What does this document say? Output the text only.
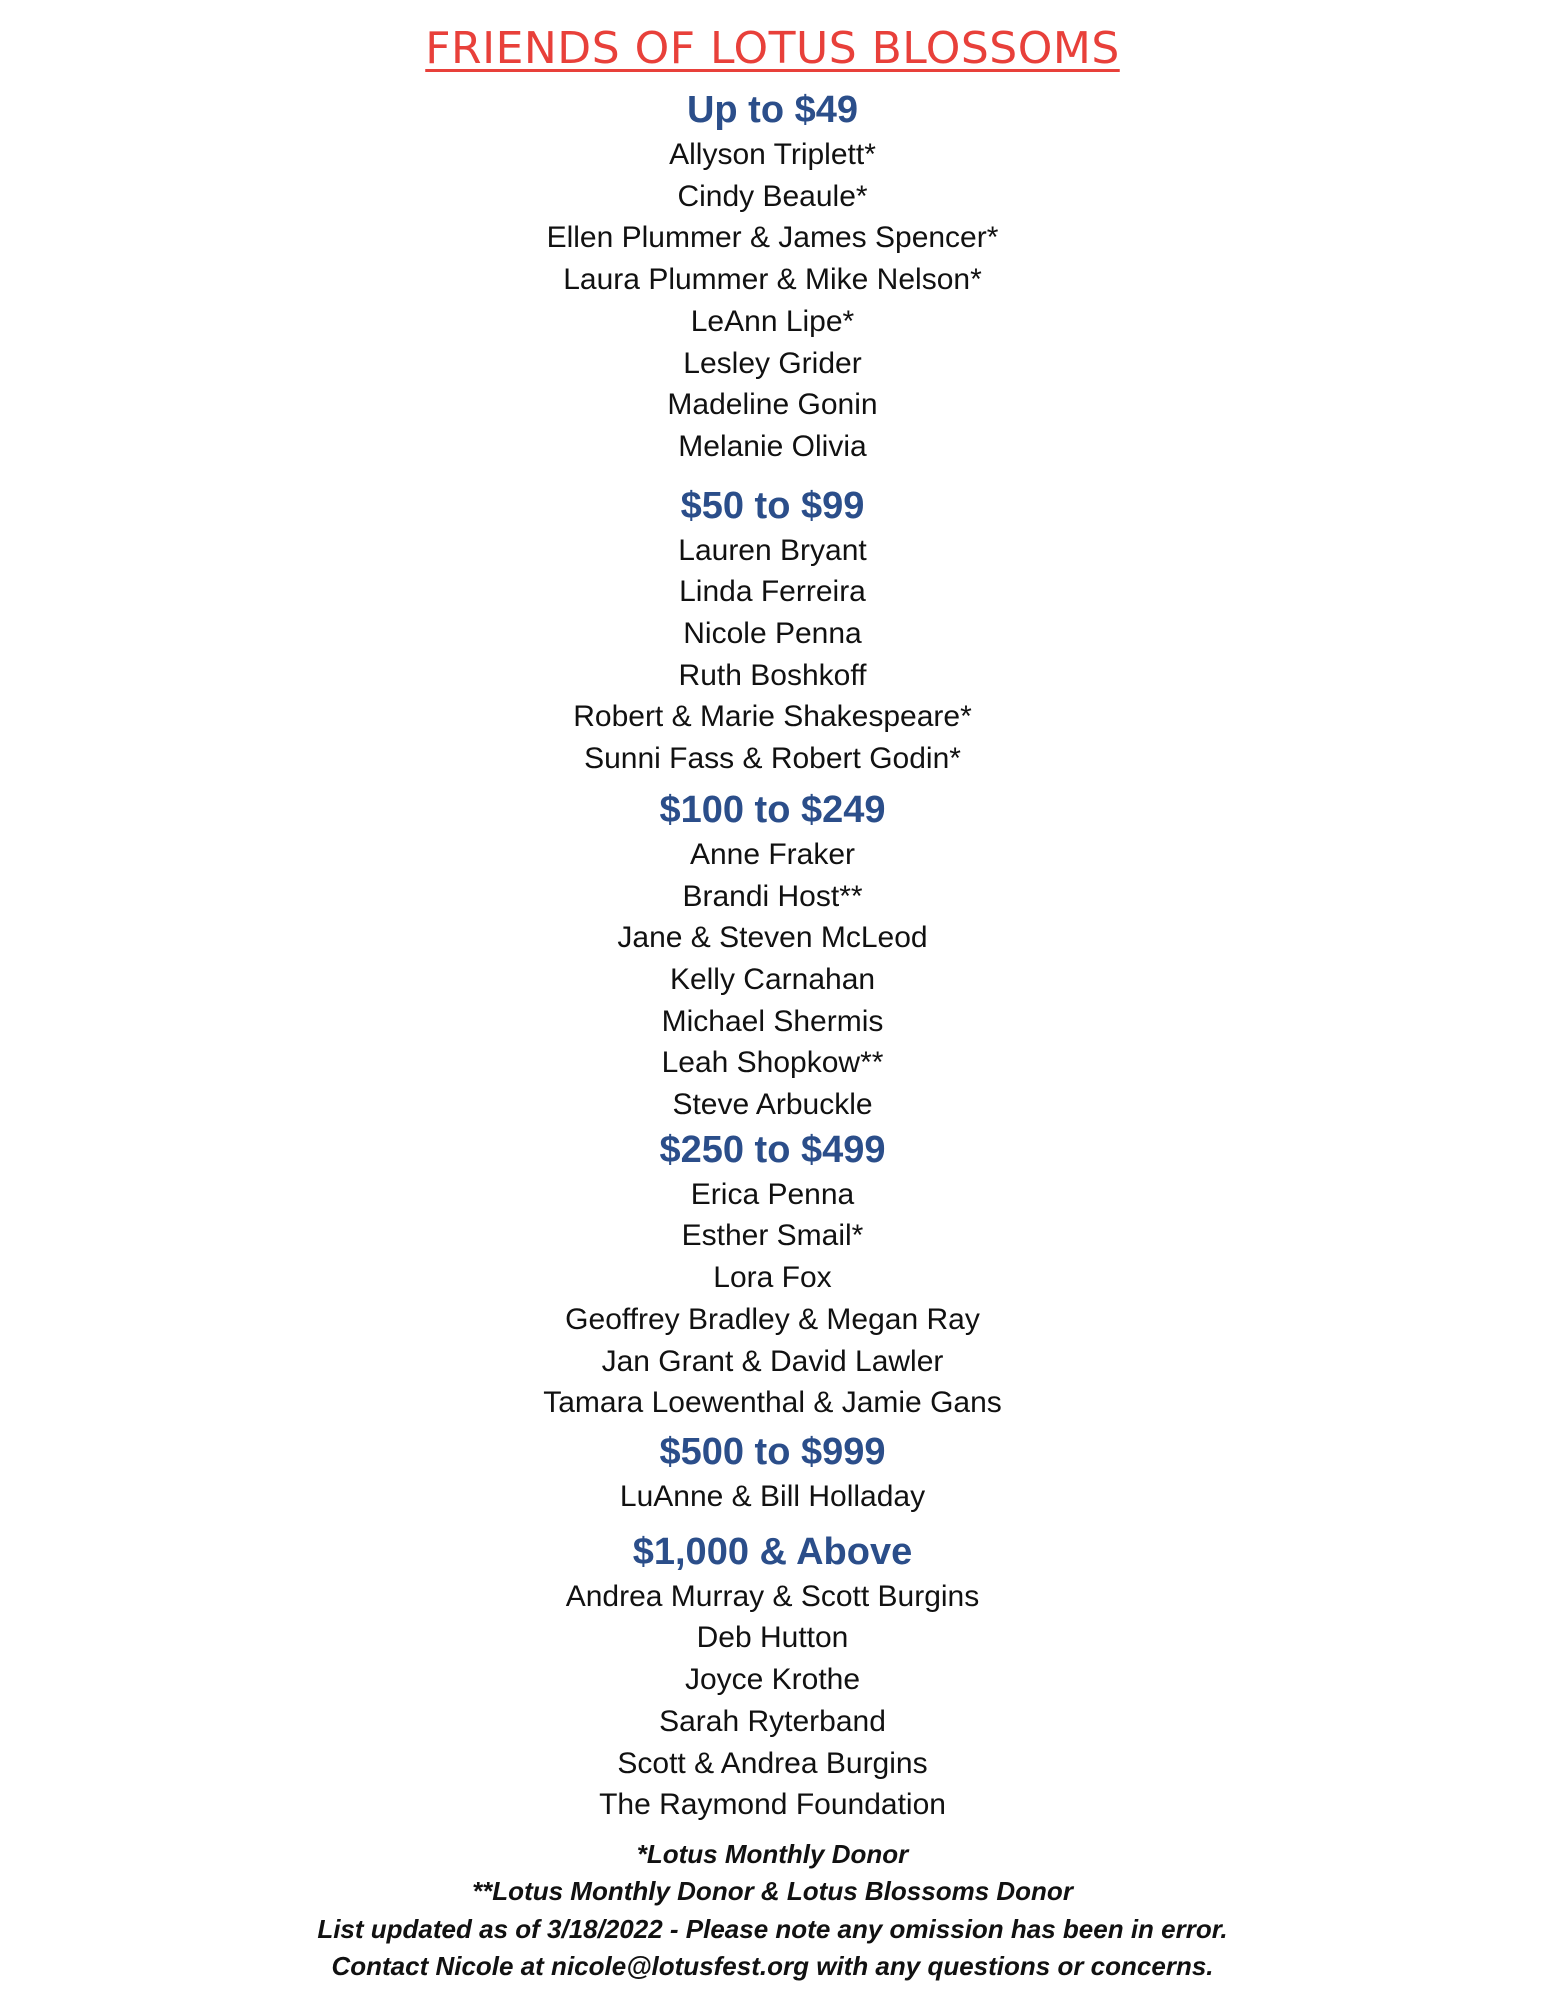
FRIENDS OF LOTUS BLOSSOMS
Up to $49
Allyson Triplett*
Cindy Beaule*
Ellen Plummer & James Spencer*
Laura Plummer & Mike Nelson*
LeAnn Lipe*
Lesley Grider
Madeline Gonin
Melanie Olivia
$50 to $99
Lauren Bryant
Linda Ferreira
Nicole Penna
Ruth Boshkoff
Robert & Marie Shakespeare*
Sunni Fass & Robert Godin*
$100 to $249
Anne Fraker
Brandi Host**
Jane & Steven McLeod
Kelly Carnahan
Michael Shermis
Leah Shopkow**
Steve Arbuckle
$250 to $499
Erica Penna
Esther Smail*
Lora Fox
Geoffrey Bradley & Megan Ray
Jan Grant & David Lawler
Tamara Loewenthal & Jamie Gans
$500 to $999
LuAnne & Bill Holladay
$1,000 & Above
Andrea Murray & Scott Burgins
Deb Hutton
Joyce Krothe
Sarah Ryterband
Scott & Andrea Burgins
The Raymond Foundation

*Lotus Monthly Donor

**Lotus Monthly Donor & Lotus Blossoms Donor

List updated as of 3/18/2022 - Please note any omission has been in error.

Contact Nicole at nicole@lotusfest.org with any questions or concerns.
